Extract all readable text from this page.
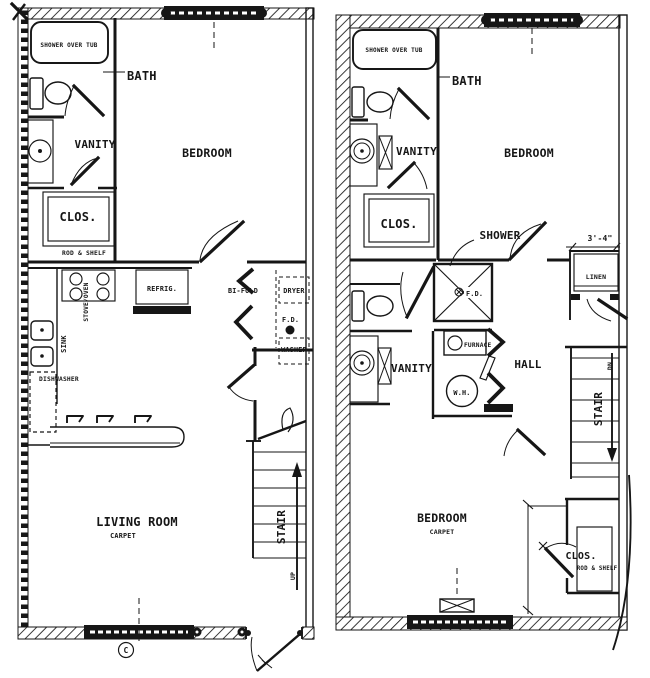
SHOWER OVER TUB
BATH
VANITY
CLOS.
ROD & SHELF
BEDROOM
STOVE/OVEN	REFRIG.
SINK
DISHWASHER
BI-FOLD	DRYER
F.D.
WASHER
STAIR
UP
LIVING ROOM
CARPET
C
SHOWER OVER TUB
BATH
VANITY
CLOS.
BEDROOM
SHOWER
F.D.
VANITY
FURNACE
W.H.
HALL
3'-4"
LINEN
STAIR
DN
CLOS.
ROD & SHELF
BEDROOM
CARPET
